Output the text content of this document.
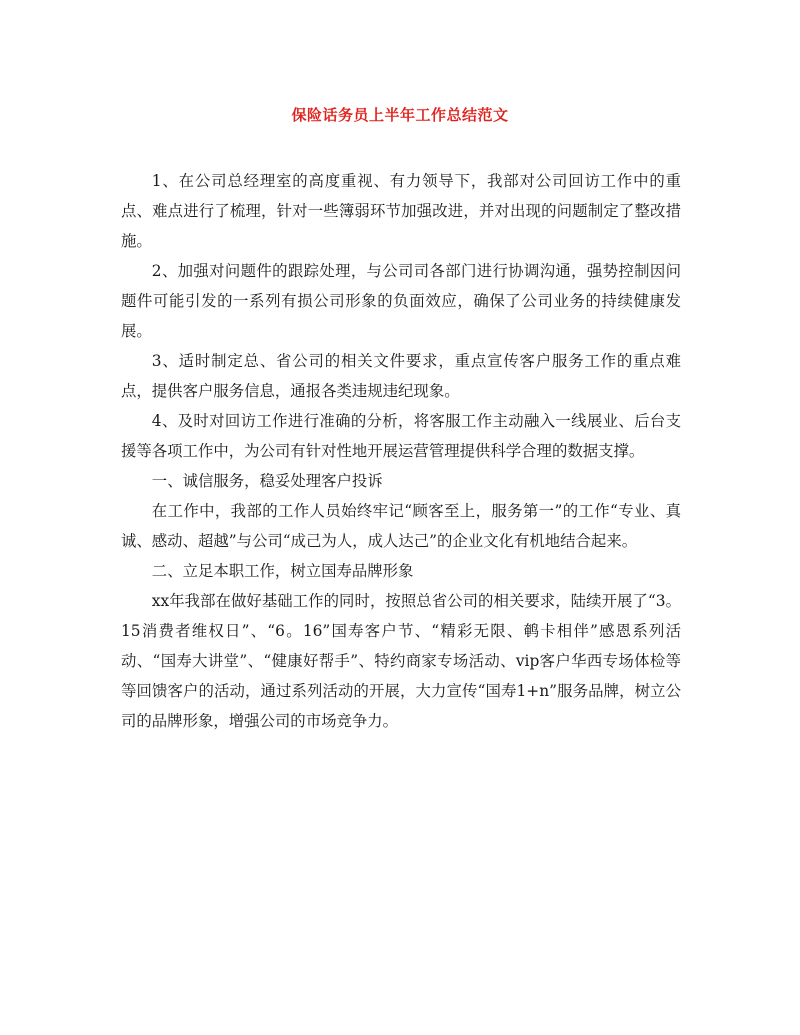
保险话务员上半年工作总结范文

1、在公司总经理室的高度重视、有力领导下，我部对公司回访工作中的重点、难点进行了梳理，针对一些簿弱环节加强改进，并对出现的问题制定了整改措施。

2、加强对问题件的跟踪处理，与公司司各部门进行协调沟通，强势控制因问题件可能引发的一系列有损公司形象的负面效应，确保了公司业务的持续健康发展。

3、适时制定总、省公司的相关文件要求，重点宣传客户服务工作的重点难点，提供客户服务信息，通报各类违规违纪现象。

4、及时对回访工作进行准确的分析，将客服工作主动融入一线展业、后台支援等各项工作中，为公司有针对性地开展运营管理提供科学合理的数据支撑。

一、诚信服务，稳妥处理客户投诉

在工作中，我部的工作人员始终牢记“顾客至上，服务第一”的工作“专业、真诚、感动、超越”与公司“成己为人，成人达己”的企业文化有机地结合起来。

二、立足本职工作，树立国寿品牌形象

xx年我部在做好基础工作的同时，按照总省公司的相关要求，陆续开展了“3。15消费者维权日”、“6。16”国寿客户节、“精彩无限、鹌卡相伴”感恩系列活动、“国寿大讲堂”、“健康好帮手”、特约商家专场活动、vip客户华西专场体检等等回馈客户的活动，通过系列活动的开展，大力宣传“国寿1+n”服务品牌，树立公司的品牌形象，增强公司的市场竞争力。
